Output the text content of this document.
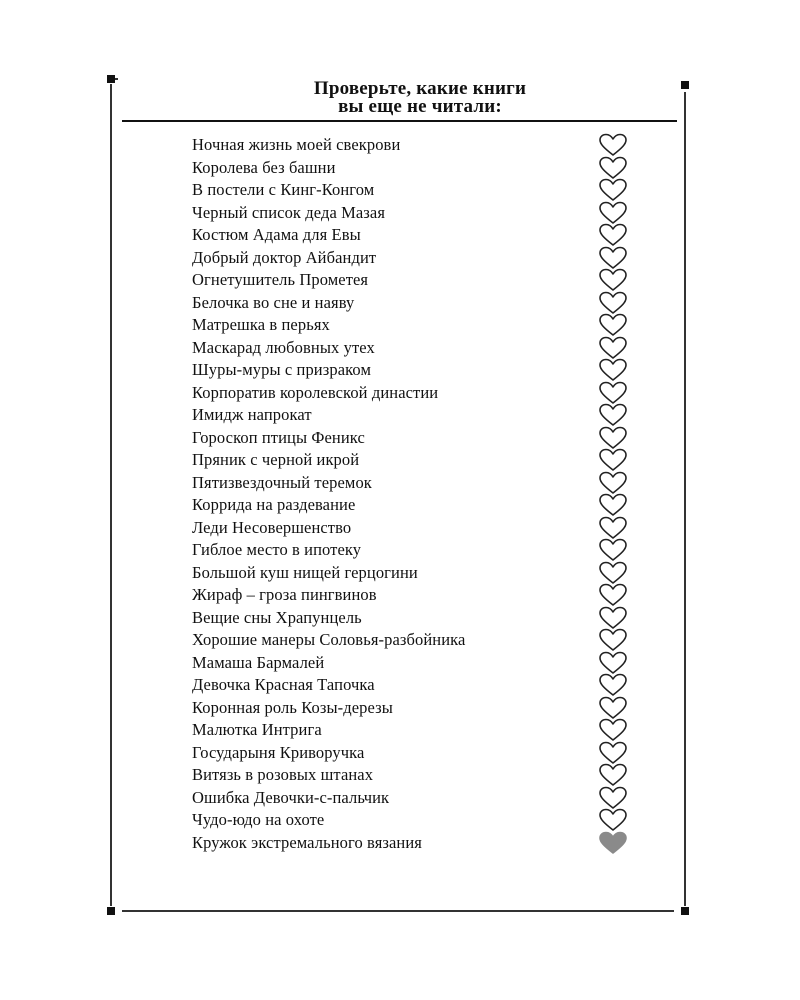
Проверьте, какие книги
вы еще не читали:
Ночная жизнь моей свекрови
Королева без башни
В постели с Кинг-Конгом
Черный список деда Мазая
Костюм Адама для Евы
Добрый доктор Айбандит
Огнетушитель Прометея
Белочка во сне и наяву
Матрешка в перьях
Маскарад любовных утех
Шуры-муры с призраком
Корпоратив королевской династии
Имидж напрокат
Гороскоп птицы Феникс
Пряник с черной икрой
Пятизвездочный теремок
Коррида на раздевание
Леди Несовершенство
Гиблое место в ипотеку
Большой куш нищей герцогини
Жираф – гроза пингвинов
Вещие сны Храпунцель
Хорошие манеры Соловья-разбойника
Мамаша Бармалей
Девочка Красная Тапочка
Коронная роль Козы-дерезы
Малютка Интрига
Государыня Криворучка
Витязь в розовых штанах
Ошибка Девочки-с-пальчик
Чудо-юдо на охоте
Кружок экстремального вязания
